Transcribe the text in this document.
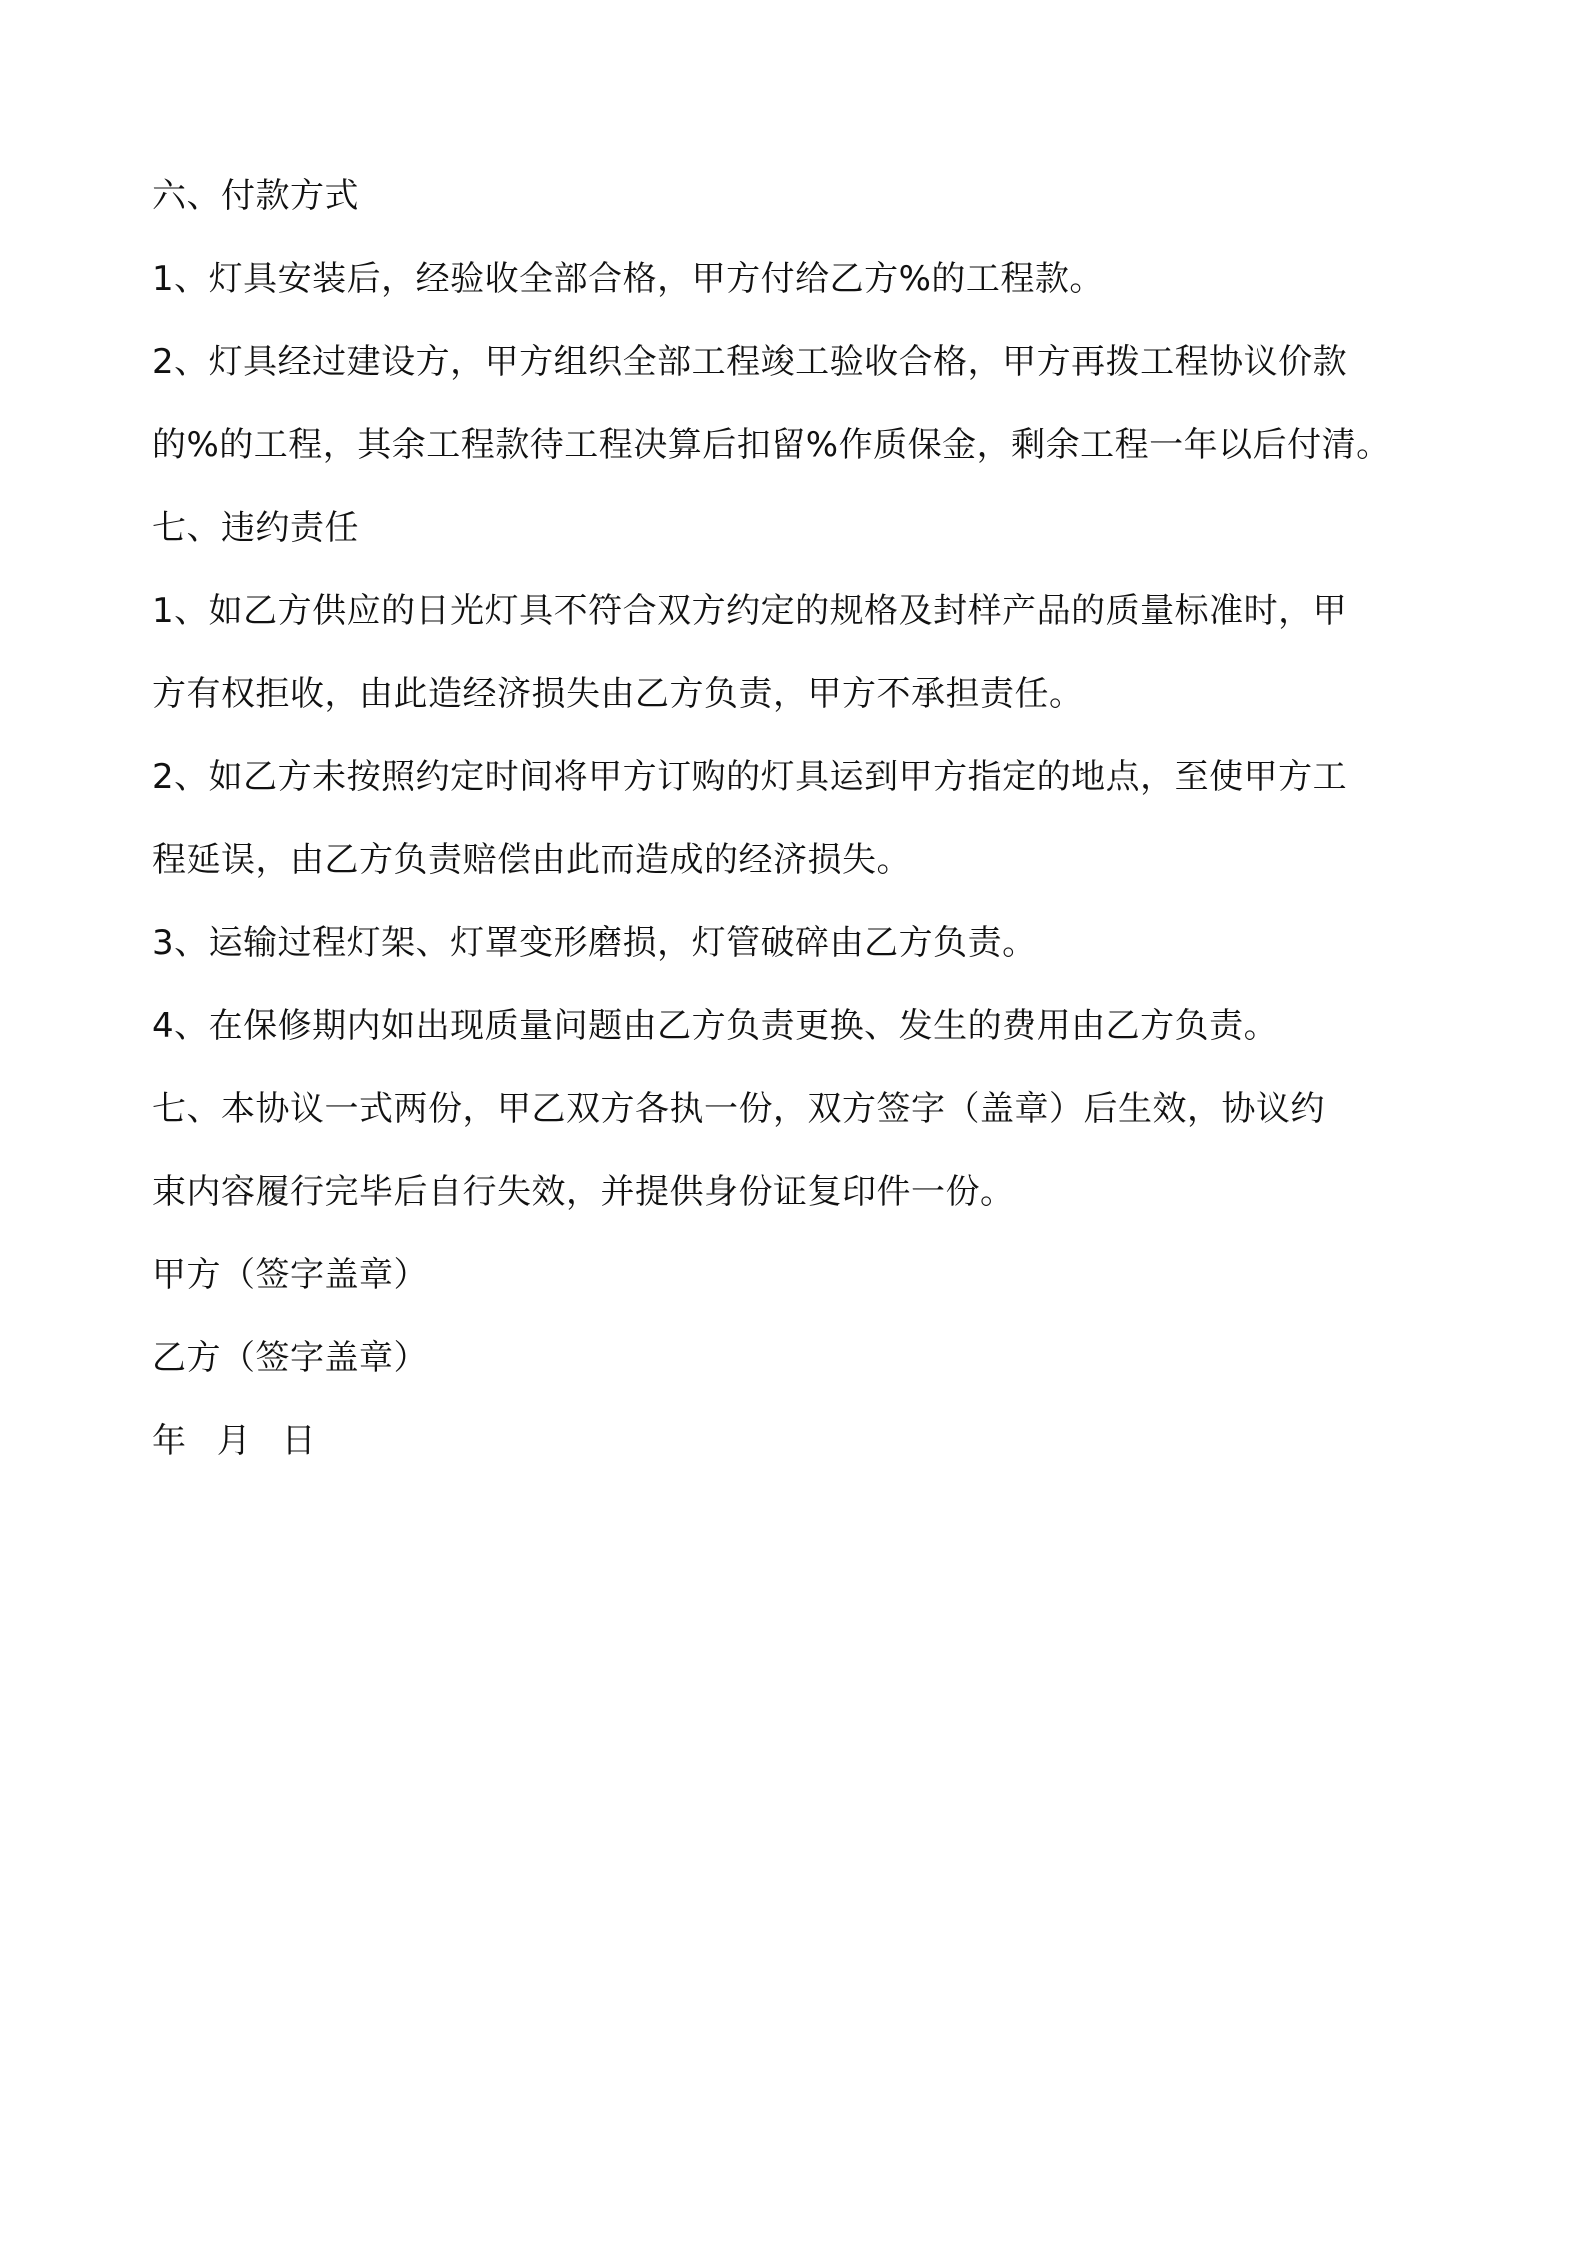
六、付款方式
1、灯具安装后，经验收全部合格，甲方付给乙方%的工程款。
2、灯具经过建设方，甲方组织全部工程竣工验收合格，甲方再拨工程协议价款
的%的工程，其余工程款待工程决算后扣留%作质保金，剩余工程一年以后付清。
七、违约责任
1、如乙方供应的日光灯具不符合双方约定的规格及封样产品的质量标准时，甲
方有权拒收，由此造经济损失由乙方负责，甲方不承担责任。
2、如乙方未按照约定时间将甲方订购的灯具运到甲方指定的地点，至使甲方工
程延误，由乙方负责赔偿由此而造成的经济损失。
3、运输过程灯架、灯罩变形磨损，灯管破碎由乙方负责。
4、在保修期内如出现质量问题由乙方负责更换、发生的费用由乙方负责。
七、本协议一式两份，甲乙双方各执一份，双方签字（盖章）后生效，协议约
束内容履行完毕后自行失效，并提供身份证复印件一份。
甲方（签字盖章）
乙方（签字盖章）
年 月 日
